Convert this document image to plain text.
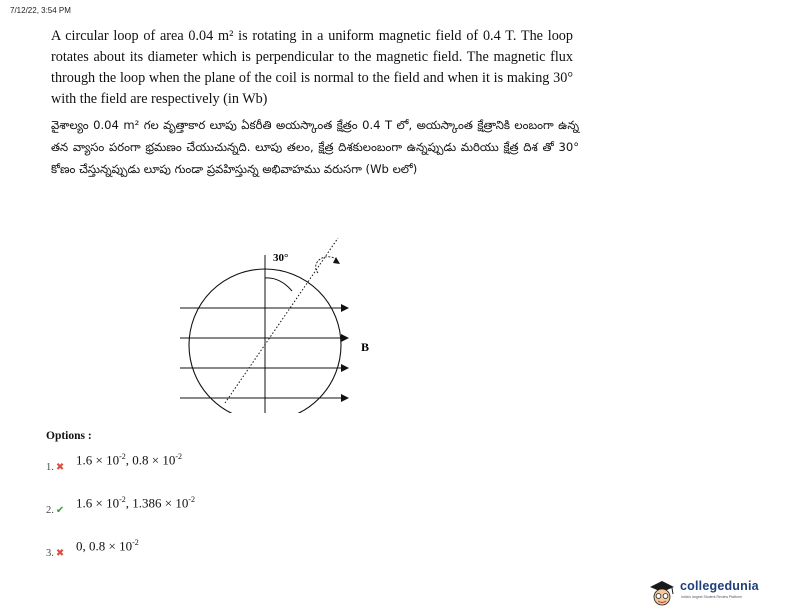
7/12/22, 3:54 PM
A circular loop of area 0.04 m² is rotating in a uniform magnetic field of 0.4 T. The loop rotates about its diameter which is perpendicular to the magnetic field. The magnetic flux through the loop when the plane of the coil is normal to the field and when it is making 30° with the field are respectively (in Wb)
వైశాల్యం 0.04 m² గల వృత్తాకార లూపు ఏకరీతి అయస్కాంత క్షేత్రం 0.4 T లో, అయస్కాంత క్షేత్రానికి లంబంగా ఉన్న తన వ్యాసం పరంగా భ్రమణం చేయుచున్నది. లూపు తలం, క్షేత్ర దిశకులంబంగా ఉన్నప్పుడు మరియు క్షేత్ర దిశ తో 30° కోణం చేస్తున్నప్పుడు లూపు గుండా ప్రవహిస్తున్న అభివాహము వరుసగా (Wb లలో)
30°
B
Options :
1. ✖
$1.6 \times 10^{-2}$, $0.8 \times 10^{-2}$
2. ✔
$1.6 \times 10^{-2}$, $1.386 \times 10^{-2}$
3. ✖
0, $0.8 \times 10^{-2}$
collegedunia
India's largest Student Review Platform
